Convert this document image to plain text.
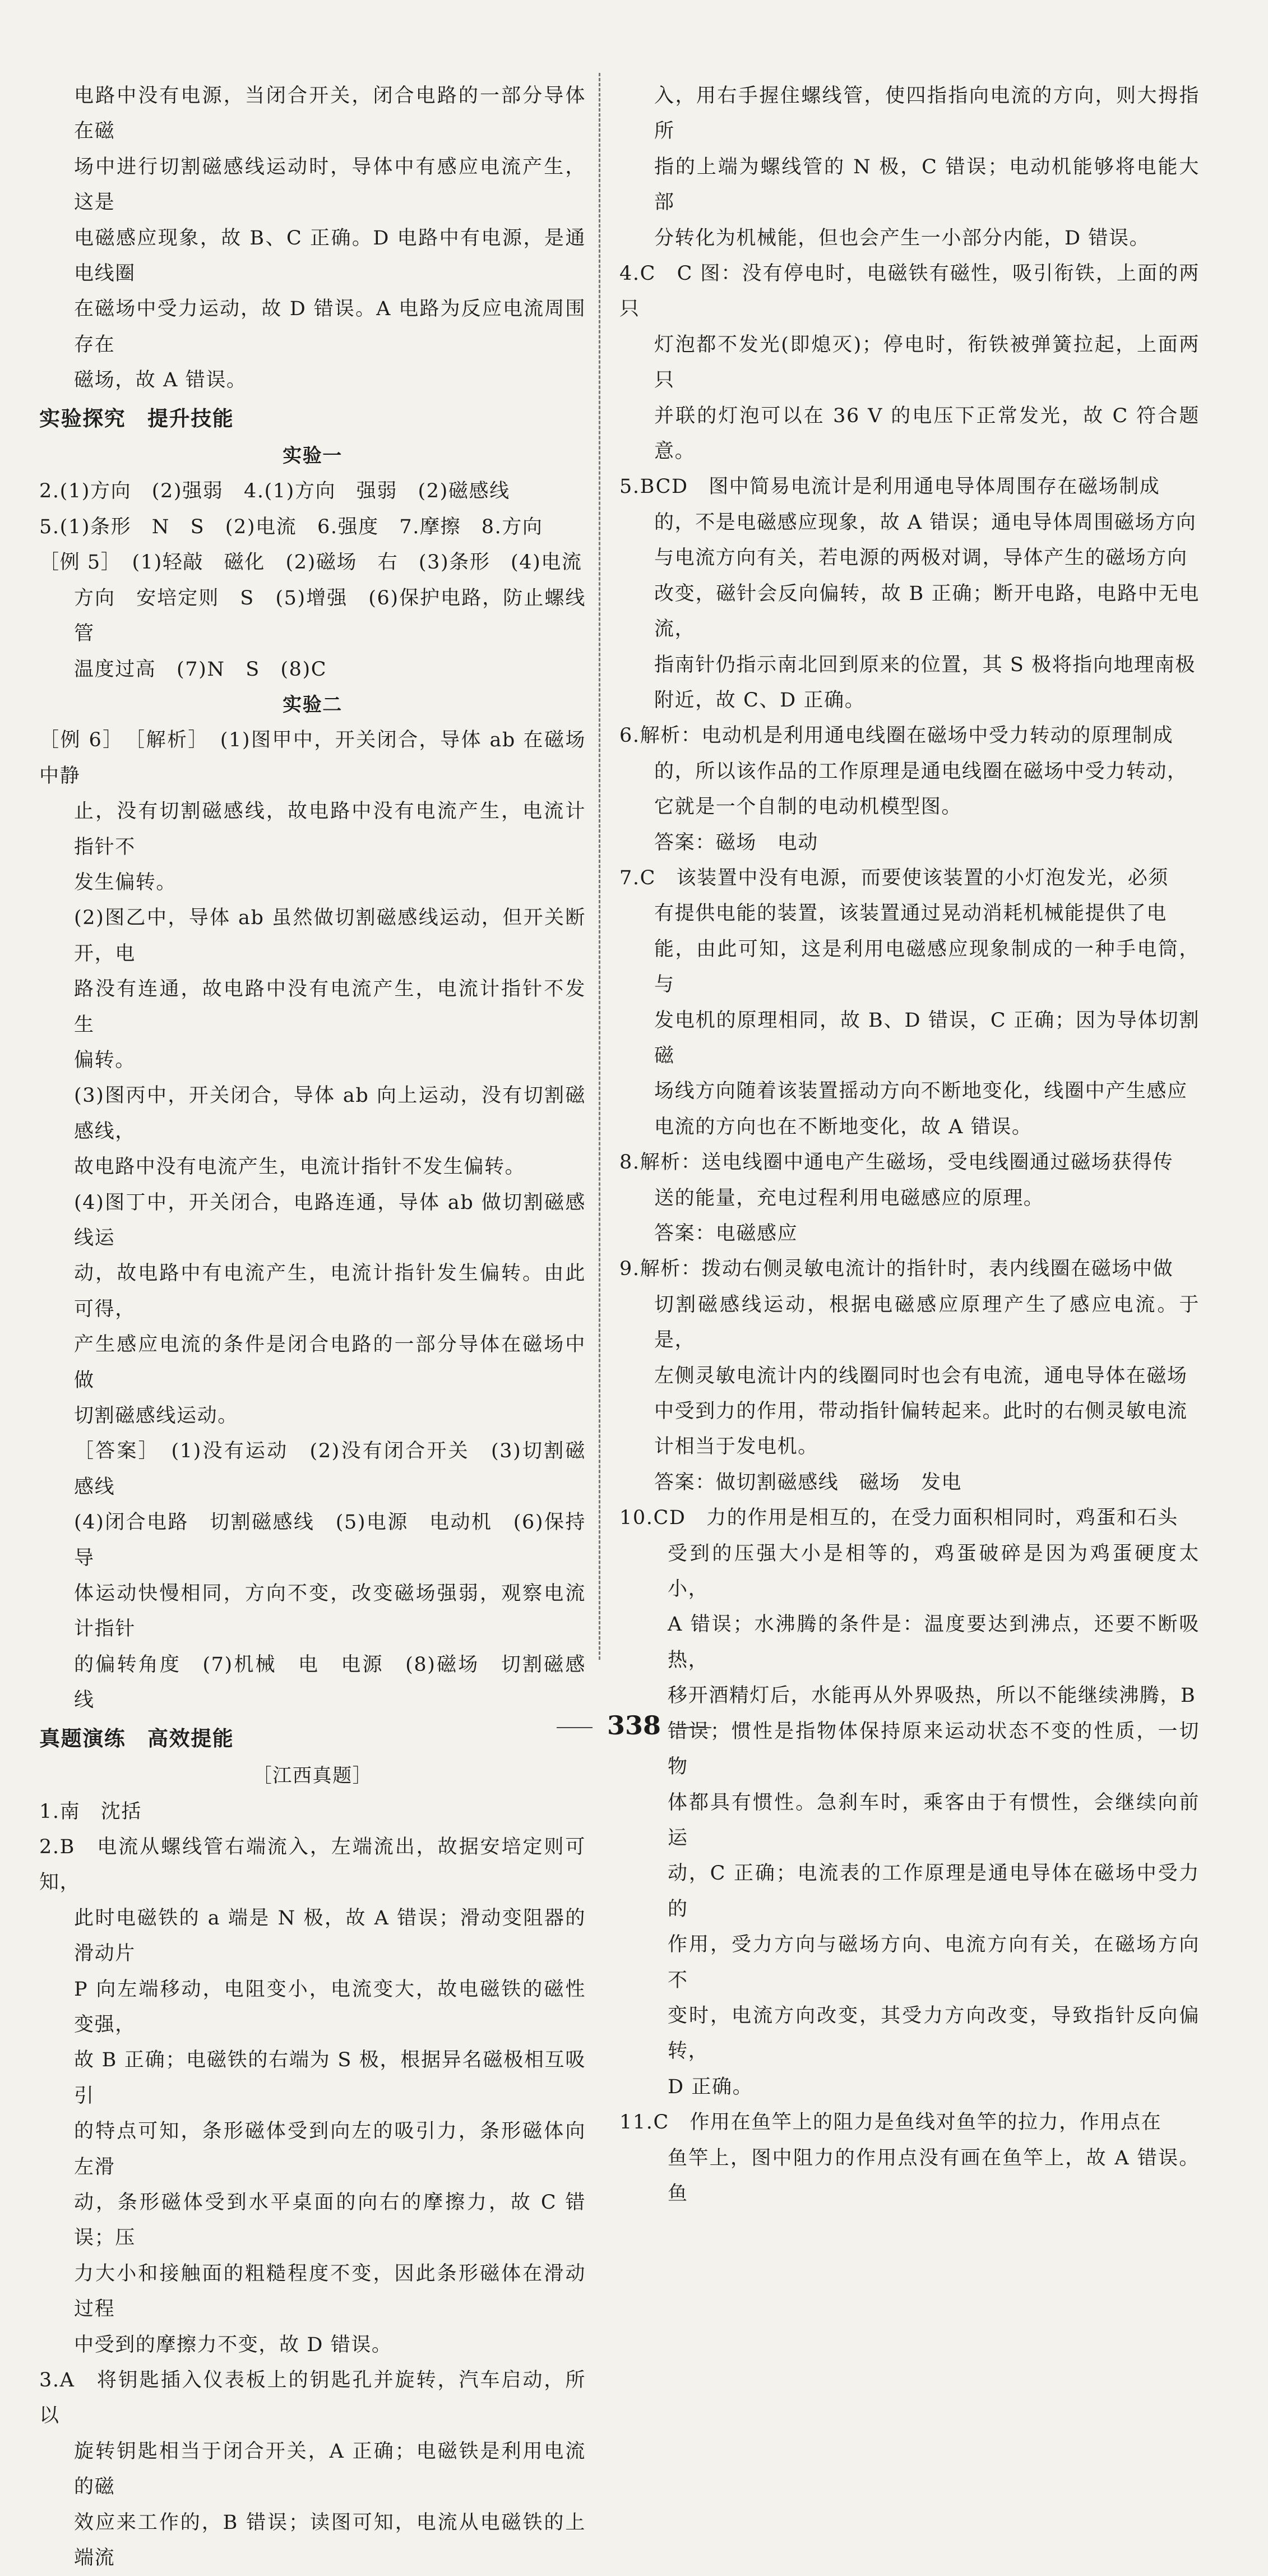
电路中没有电源，当闭合开关，闭合电路的一部分导体在磁
场中进行切割磁感线运动时，导体中有感应电流产生，这是
电磁感应现象，故 B、C 正确。D 电路中有电源，是通电线圈
在磁场中受力运动，故 D 错误。A 电路为反应电流周围存在
磁场，故 A 错误。
实验探究　提升技能
实验一
2.(1)方向　(2)强弱　4.(1)方向　强弱　(2)磁感线
5.(1)条形　N　S　(2)电流　6.强度　7.摩擦　8.方向
［例 5］　(1)轻敲　磁化　(2)磁场　右　(3)条形　(4)电流
方向　安培定则　S　(5)增强　(6)保护电路，防止螺线管
温度过高　(7)N　S　(8)C
实验二
［例 6］　［解析］　(1)图甲中，开关闭合，导体 ab 在磁场中静
止，没有切割磁感线，故电路中没有电流产生，电流计指针不
发生偏转。
(2)图乙中，导体 ab 虽然做切割磁感线运动，但开关断开，电
路没有连通，故电路中没有电流产生，电流计指针不发生
偏转。
(3)图丙中，开关闭合，导体 ab 向上运动，没有切割磁感线，
故电路中没有电流产生，电流计指针不发生偏转。
(4)图丁中，开关闭合，电路连通，导体 ab 做切割磁感线运
动，故电路中有电流产生，电流计指针发生偏转。由此可得，
产生感应电流的条件是闭合电路的一部分导体在磁场中做
切割磁感线运动。
［答案］　(1)没有运动　(2)没有闭合开关　(3)切割磁感线
(4)闭合电路　切割磁感线　(5)电源　电动机　(6)保持导
体运动快慢相同，方向不变，改变磁场强弱，观察电流计指针
的偏转角度　(7)机械　电　电源　(8)磁场　切割磁感线
真题演练　高效提能
［江西真题］
1.南　沈括
2.B　电流从螺线管右端流入，左端流出，故据安培定则可知，
此时电磁铁的 a 端是 N 极，故 A 错误；滑动变阻器的滑动片
P 向左端移动，电阻变小，电流变大，故电磁铁的磁性变强，
故 B 正确；电磁铁的右端为 S 极，根据异名磁极相互吸引
的特点可知，条形磁体受到向左的吸引力，条形磁体向左滑
动，条形磁体受到水平桌面的向右的摩擦力，故 C 错误；压
力大小和接触面的粗糙程度不变，因此条形磁体在滑动过程
中受到的摩擦力不变，故 D 错误。
3.A　将钥匙插入仪表板上的钥匙孔并旋转，汽车启动，所以
旋转钥匙相当于闭合开关，A 正确；电磁铁是利用电流的磁
效应来工作的，B 错误；读图可知，电流从电磁铁的上端流
入，用右手握住螺线管，使四指指向电流的方向，则大拇指所
指的上端为螺线管的 N 极，C 错误；电动机能够将电能大部
分转化为机械能，但也会产生一小部分内能，D 错误。
4.C　C 图：没有停电时，电磁铁有磁性，吸引衔铁，上面的两只
灯泡都不发光(即熄灭)；停电时，衔铁被弹簧拉起，上面两只
并联的灯泡可以在 36 V 的电压下正常发光，故 C 符合题意。
5.BCD　图中简易电流计是利用通电导体周围存在磁场制成
的，不是电磁感应现象，故 A 错误；通电导体周围磁场方向
与电流方向有关，若电源的两极对调，导体产生的磁场方向
改变，磁针会反向偏转，故 B 正确；断开电路，电路中无电流，
指南针仍指示南北回到原来的位置，其 S 极将指向地理南极
附近，故 C、D 正确。
6.解析：电动机是利用通电线圈在磁场中受力转动的原理制成
的，所以该作品的工作原理是通电线圈在磁场中受力转动，
它就是一个自制的电动机模型图。
答案：磁场　电动
7.C　该装置中没有电源，而要使该装置的小灯泡发光，必须
有提供电能的装置，该装置通过晃动消耗机械能提供了电
能，由此可知，这是利用电磁感应现象制成的一种手电筒，与
发电机的原理相同，故 B、D 错误，C 正确；因为导体切割磁
场线方向随着该装置摇动方向不断地变化，线圈中产生感应
电流的方向也在不断地变化，故 A 错误。
8.解析：送电线圈中通电产生磁场，受电线圈通过磁场获得传
送的能量，充电过程利用电磁感应的原理。
答案：电磁感应
9.解析：拨动右侧灵敏电流计的指针时，表内线圈在磁场中做
切割磁感线运动，根据电磁感应原理产生了感应电流。于是，
左侧灵敏电流计内的线圈同时也会有电流，通电导体在磁场
中受到力的作用，带动指针偏转起来。此时的右侧灵敏电流
计相当于发电机。
答案：做切割磁感线　磁场　发电
10.CD　力的作用是相互的，在受力面积相同时，鸡蛋和石头
受到的压强大小是相等的，鸡蛋破碎是因为鸡蛋硬度太小，
A 错误；水沸腾的条件是：温度要达到沸点，还要不断吸热，
移开酒精灯后，水能再从外界吸热，所以不能继续沸腾，B
错误；惯性是指物体保持原来运动状态不变的性质，一切物
体都具有惯性。急刹车时，乘客由于有惯性，会继续向前运
动，C 正确；电流表的工作原理是通电导体在磁场中受力的
作用，受力方向与磁场方向、电流方向有关，在磁场方向不
变时，电流方向改变，其受力方向改变，导致指针反向偏转，
D 正确。
11.C　作用在鱼竿上的阻力是鱼线对鱼竿的拉力，作用点在
鱼竿上，图中阻力的作用点没有画在鱼竿上，故 A 错误。鱼
338
